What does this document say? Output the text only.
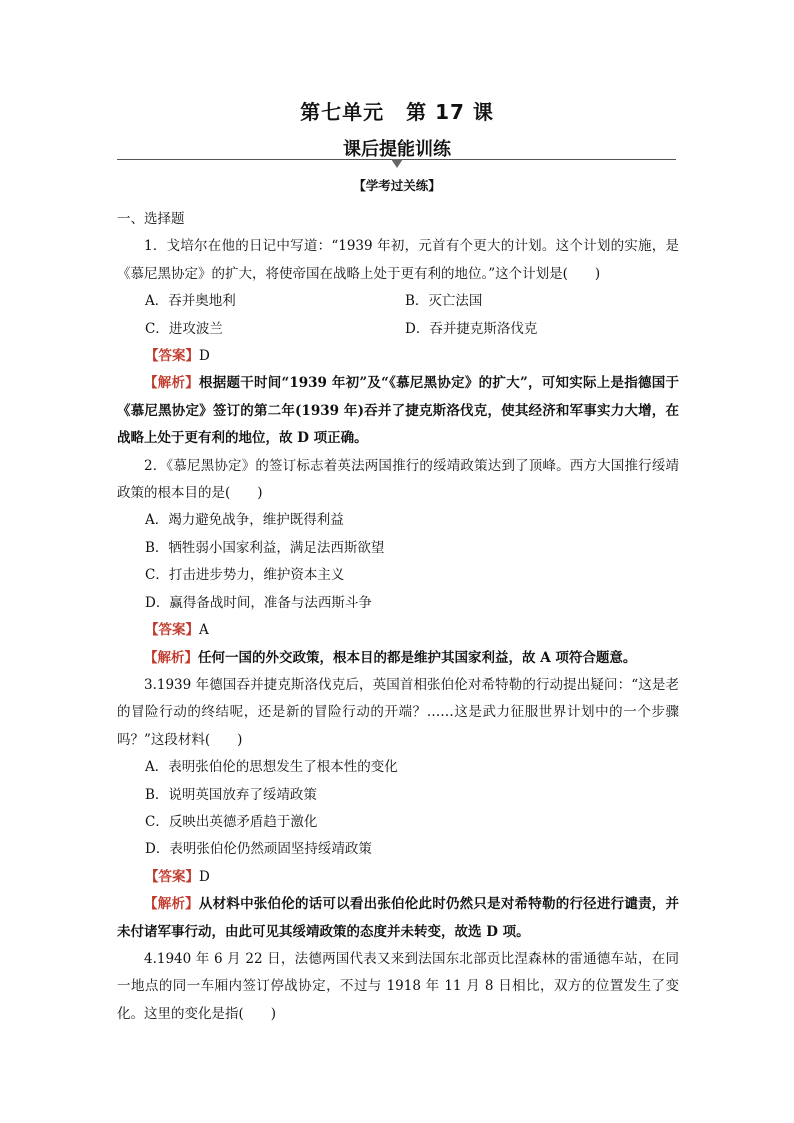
第七单元 第 17 课
课后提能训练
【学考过关练】

一、选择题

1．戈培尔在他的日记中写道：“1939 年初，元首有个更大的计划。这个计划的实施，是《慕尼黑协定》的扩大，将使帝国在战略上处于更有利的地位。”这个计划是(　　)

A．吞并奥地利	B．灭亡法国
C．进攻波兰	D．吞并捷克斯洛伐克

【答案】D

【解析】根据题干时间“1939 年初”及“《慕尼黑协定》的扩大”，可知实际上是指德国于《慕尼黑协定》签订的第二年(1939 年)吞并了捷克斯洛伐克，使其经济和军事实力大增，在战略上处于更有利的地位，故 D 项正确。

2．《慕尼黑协定》的签订标志着英法两国推行的绥靖政策达到了顶峰。西方大国推行绥靖政策的根本目的是(　　)

A．竭力避免战争，维护既得利益

B．牺牲弱小国家利益，满足法西斯欲望

C．打击进步势力，维护资本主义

D．赢得备战时间，准备与法西斯斗争

【答案】A

【解析】任何一国的外交政策，根本目的都是维护其国家利益，故 A 项符合题意。

3.1939 年德国吞并捷克斯洛伐克后，英国首相张伯伦对希特勒的行动提出疑问：“这是老的冒险行动的终结呢，还是新的冒险行动的开端？……这是武力征服世界计划中的一个步骤吗？”这段材料(　　)

A．表明张伯伦的思想发生了根本性的变化

B．说明英国放弃了绥靖政策

C．反映出英德矛盾趋于激化

D．表明张伯伦仍然顽固坚持绥靖政策

【答案】D

【解析】从材料中张伯伦的话可以看出张伯伦此时仍然只是对希特勒的行径进行谴责，并未付诸军事行动，由此可见其绥靖政策的态度并未转变，故选 D 项。

4.1940 年 6 月 22 日，法德两国代表又来到法国东北部贡比涅森林的雷通德车站，在同一地点的同一车厢内签订停战协定，不过与 1918 年 11 月 8 日相比，双方的位置发生了变化。这里的变化是指(　　)
